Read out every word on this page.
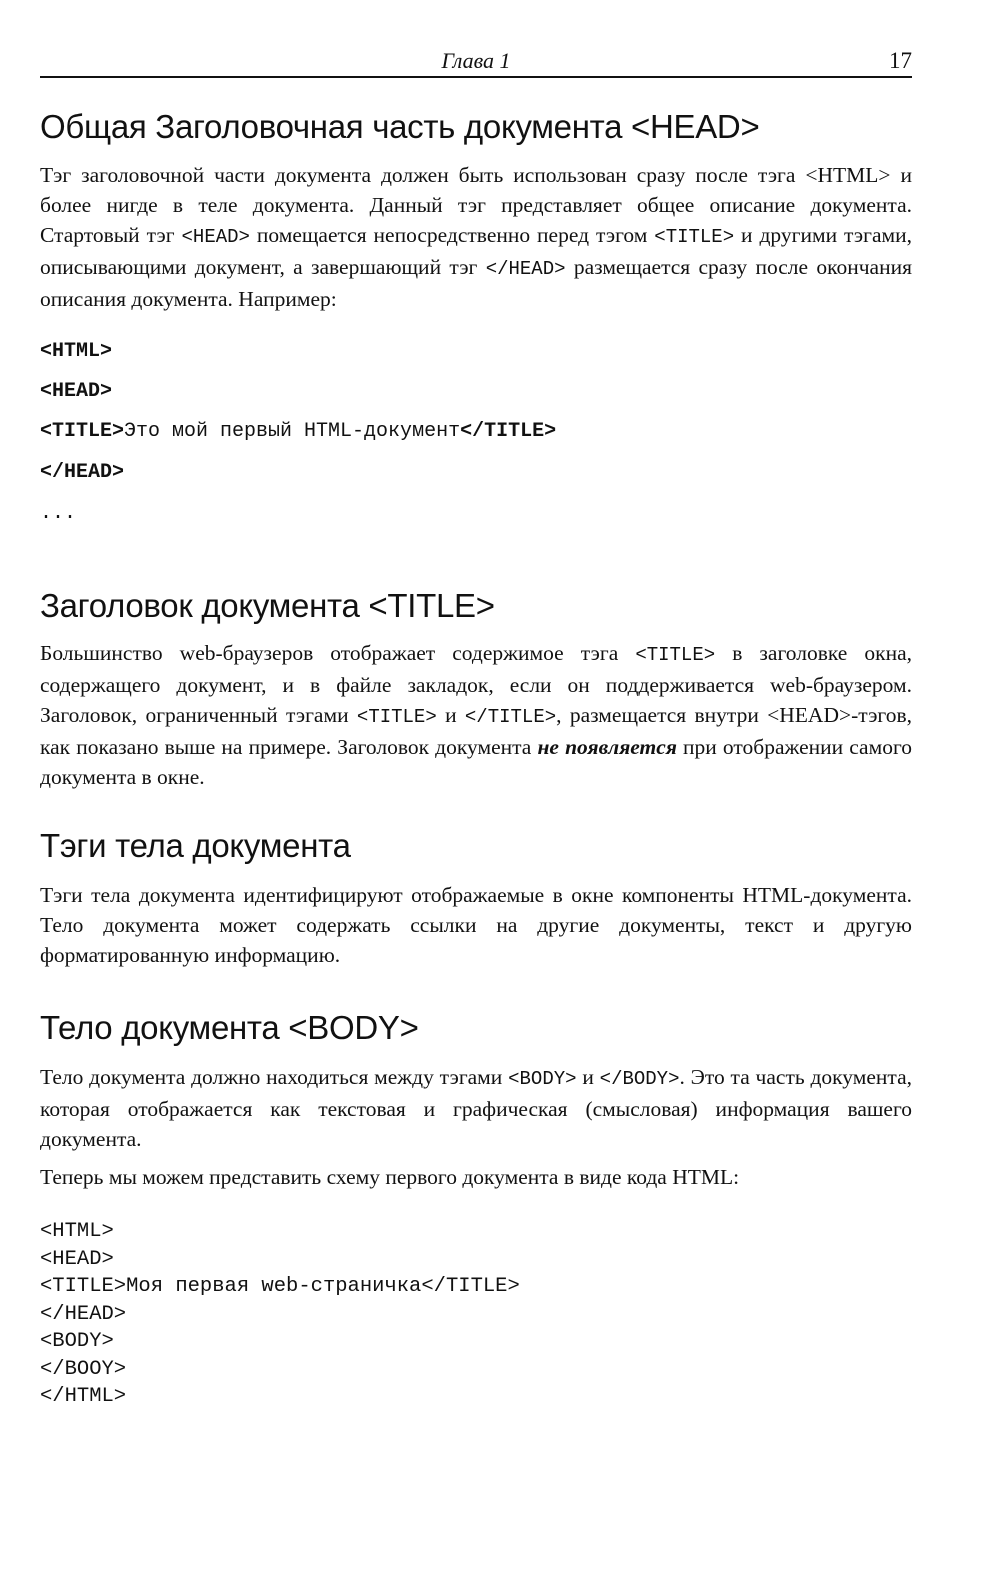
Глава 1	17
Общая Заголовочная часть документа <HEAD>

Тэг заголовочной части документа должен быть использован сразу после тэга <HTML> и более нигде в теле документа. Данный тэг представляет общее описание документа. Стартовый тэг <HEAD> помещается непосредственно перед тэгом <TITLE> и другими тэгами, описывающими документ, а завершающий тэг </HEAD> размещается сразу после окончания описания документа. Например:

<HTML>
<HEAD>
<TITLE>Это мой первый HTML-документ</TITLE>
</HEAD>
...
Заголовок документа <TITLE>

Большинство web-браузеров отображает содержимое тэга <TITLE> в заголовке окна, содержащего документ, и в файле закладок, если он поддерживается web-браузером. Заголовок, ограниченный тэгами <TITLE> и </TITLE>, размещается внутри <HEAD>-тэгов, как показано выше на примере. Заголовок документа не появляется при отображении самого документа в окне.

Тэги тела документа

Тэги тела документа идентифицируют отображаемые в окне компоненты HTML-документа. Тело документа может содержать ссылки на другие документы, текст и другую форматированную информацию.

Тело документа <BODY>

Тело документа должно находиться между тэгами <BODY> и </BODY>. Это та часть документа, которая отображается как текстовая и графическая (смысловая) информация вашего документа.

Теперь мы можем представить схему первого документа в виде кода HTML:

<HTML>
<HEAD>
<TITLE>Моя первая web-страничка</TITLE>
</HEAD>
<BODY>
</BOOY>
</HTML>
